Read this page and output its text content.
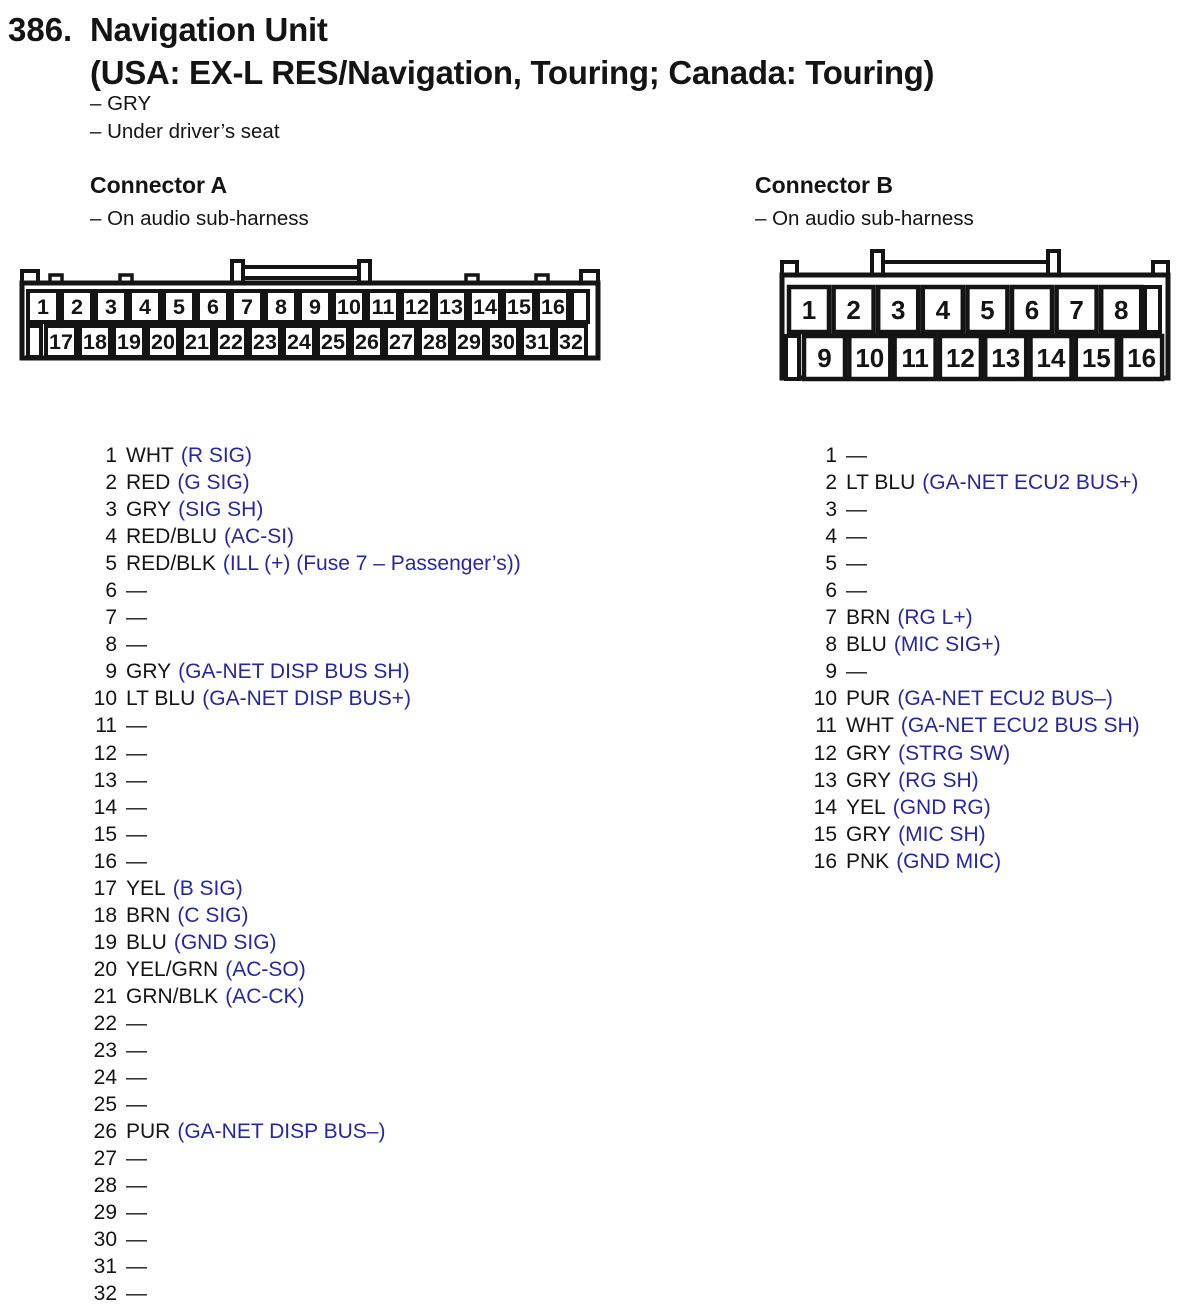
386. Navigation Unit
(USA: EX-L RES/Navigation, Touring; Canada: Touring)
– GRY
– Under driver’s seat
Connector A
– On audio sub-harness
Connector B
– On audio sub-harness
1 2 3 4 5 6 7 8 9 10 11 12 13 14 15 16
17 18 19 20 21 22 23 24 25 26 27 28 29 30 31 32
1 2 3 4 5 6 7 8
9 10 11 12 13 14 15 16
1 WHT (R SIG)
2 RED (G SIG)
3 GRY (SIG SH)
4 RED/BLU (AC-SI)
5 RED/BLK (ILL (+) (Fuse 7 – Passenger’s))
6 —
7 —
8 —
9 GRY (GA-NET DISP BUS SH)
10 LT BLU (GA-NET DISP BUS+)
11 —
12 —
13 —
14 —
15 —
16 —
17 YEL (B SIG)
18 BRN (C SIG)
19 BLU (GND SIG)
20 YEL/GRN (AC-SO)
21 GRN/BLK (AC-CK)
22 —
23 —
24 —
25 —
26 PUR (GA-NET DISP BUS–)
27 —
28 —
29 —
30 —
31 —
32 —
1 —
2 LT BLU (GA-NET ECU2 BUS+)
3 —
4 —
5 —
6 —
7 BRN (RG L+)
8 BLU (MIC SIG+)
9 —
10 PUR (GA-NET ECU2 BUS–)
11 WHT (GA-NET ECU2 BUS SH)
12 GRY (STRG SW)
13 GRY (RG SH)
14 YEL (GND RG)
15 GRY (MIC SH)
16 PNK (GND MIC)
